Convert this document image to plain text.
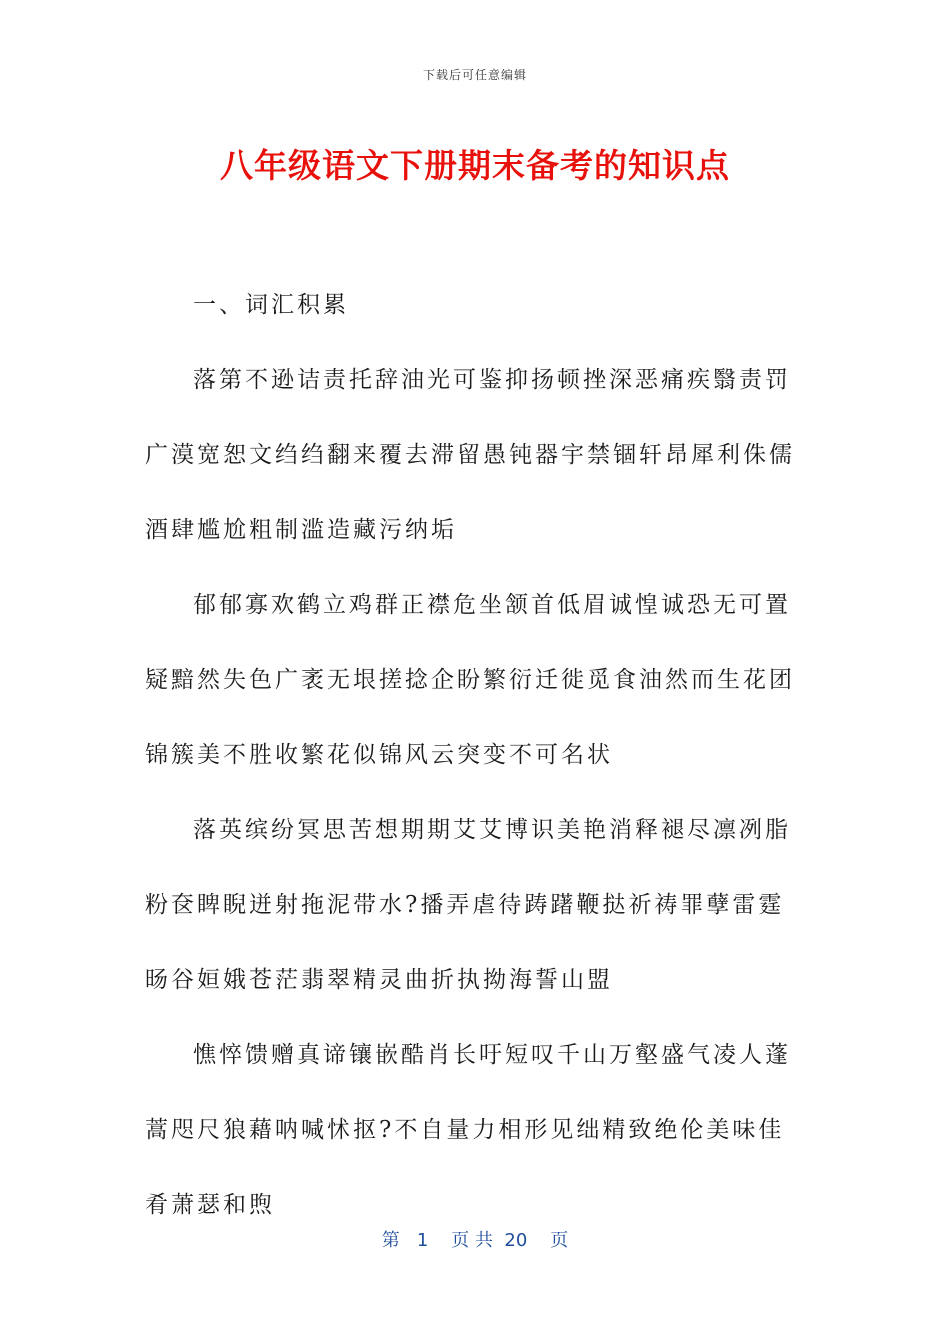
下载后可任意编辑
八年级语文下册期末备考的知识点

一、词汇积累

落第不逊诘责托辞油光可鉴抑扬顿挫深恶痛疾翳责罚广漠宽恕文绉绉翻来覆去滞留愚钝器宇禁锢轩昂犀利侏儒酒肆尴尬粗制滥造藏污纳垢

郁郁寡欢鹤立鸡群正襟危坐颔首低眉诚惶诚恐无可置疑黯然失色广袤无垠搓捻企盼繁衍迁徙觅食油然而生花团锦簇美不胜收繁花似锦风云突变不可名状

落英缤纷冥思苦想期期艾艾博识美艳消释褪尽凛冽脂粉奁睥睨迸射拖泥带水?播弄虐待踌躇鞭挞祈祷罪孽雷霆旸谷姮娥苍茫翡翠精灵曲折执拗海誓山盟

憔悴馈赠真谛镶嵌酷肖长吁短叹千山万壑盛气凌人蓬蒿咫尺狼藉呐喊怵抠?不自量力相形见绌精致绝伦美味佳肴萧瑟和煦

第   1    页 共  20    页
